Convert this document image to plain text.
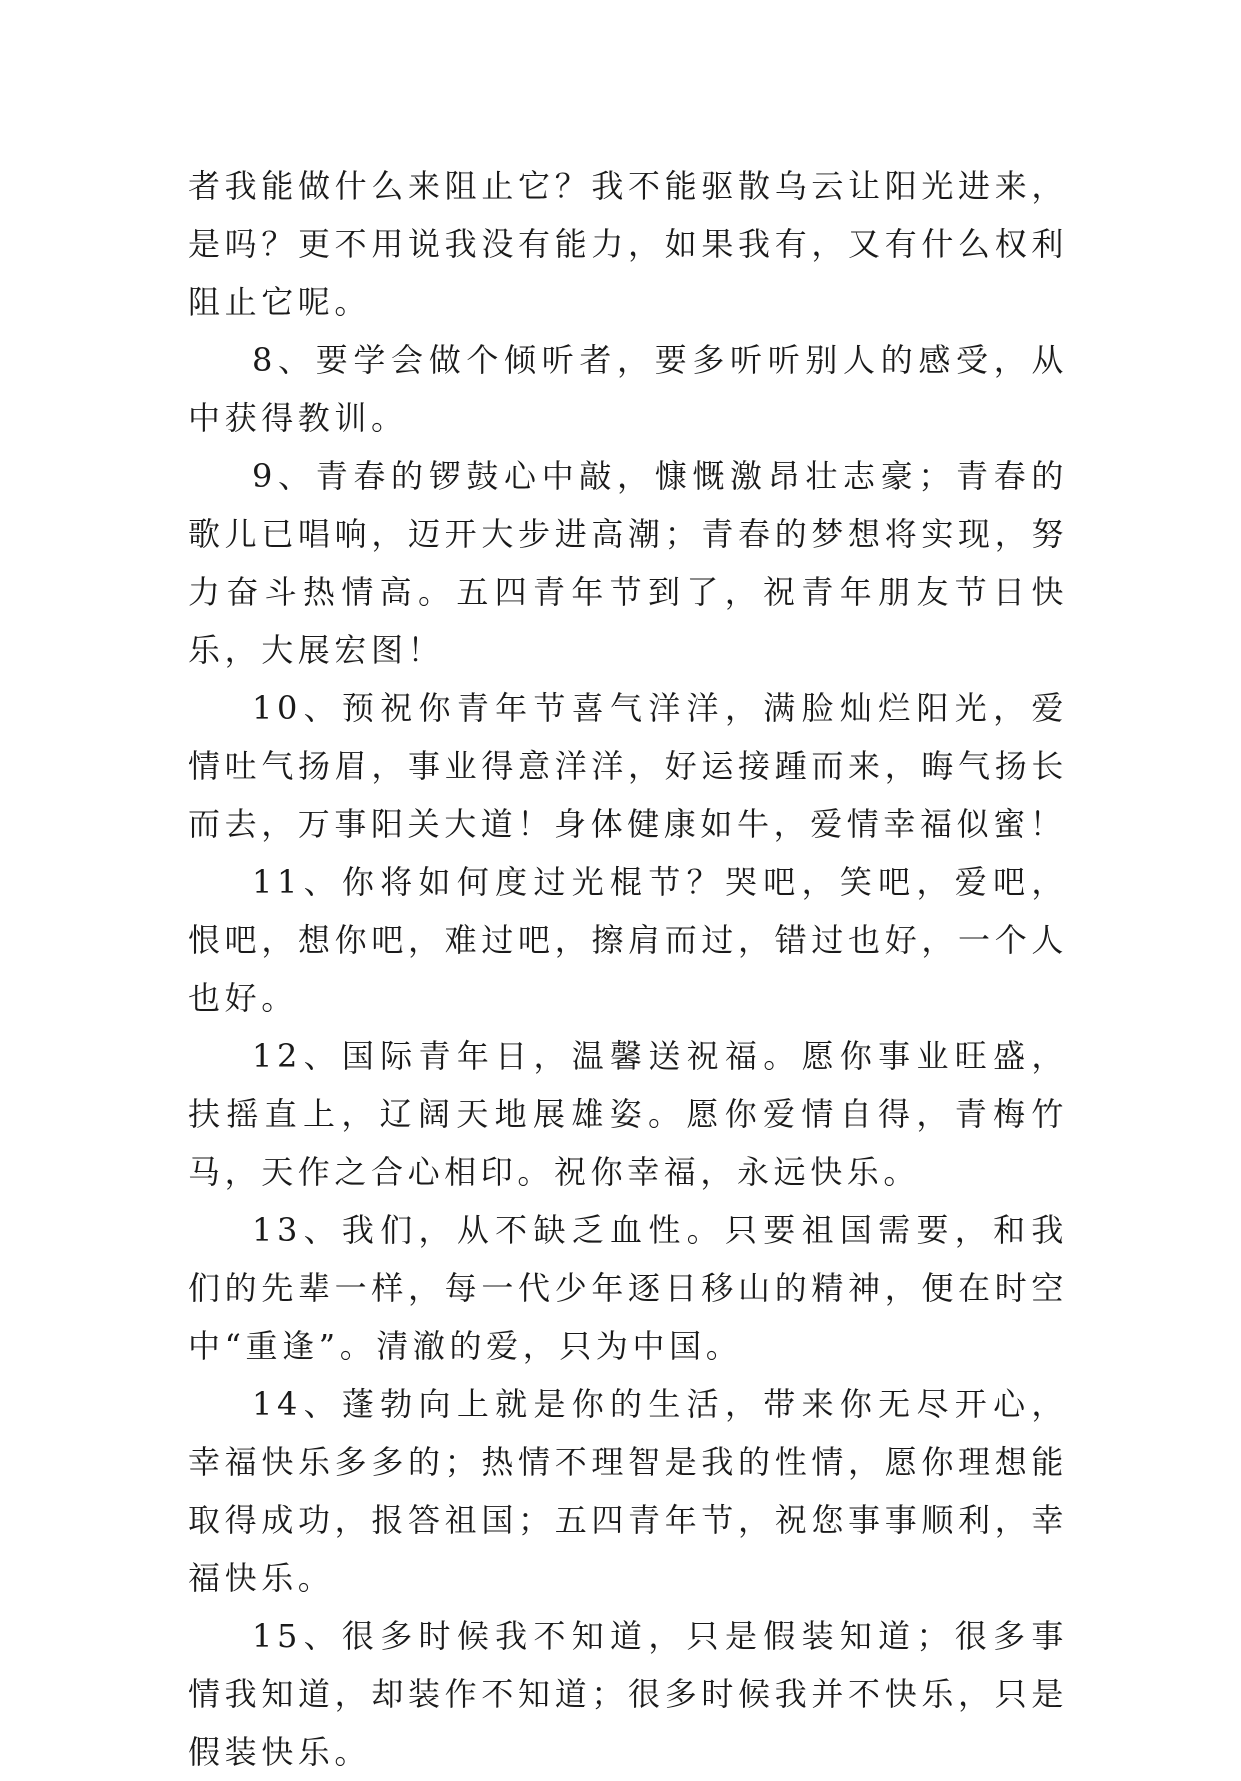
者我能做什么来阻止它？我不能驱散乌云让阳光进来，是吗？更不用说我没有能力，如果我有，又有什么权利阻止它呢。

8、要学会做个倾听者，要多听听别人的感受，从中获得教训。

9、青春的锣鼓心中敲，慷慨激昂壮志豪；青春的歌儿已唱响，迈开大步进高潮；青春的梦想将实现，努力奋斗热情高。五四青年节到了，祝青年朋友节日快乐，大展宏图！

10、预祝你青年节喜气洋洋，满脸灿烂阳光，爱情吐气扬眉，事业得意洋洋，好运接踵而来，晦气扬长而去，万事阳关大道！身体健康如牛，爱情幸福似蜜！

11、你将如何度过光棍节？哭吧，笑吧，爱吧，恨吧，想你吧，难过吧，擦肩而过，错过也好，一个人也好。

12、国际青年日，温馨送祝福。愿你事业旺盛，扶摇直上，辽阔天地展雄姿。愿你爱情自得，青梅竹马，天作之合心相印。祝你幸福，永远快乐。

13、我们，从不缺乏血性。只要祖国需要，和我们的先辈一样，每一代少年逐日移山的精神，便在时空中“重逢”。清澈的爱，只为中国。

14、蓬勃向上就是你的生活，带来你无尽开心，幸福快乐多多的；热情不理智是我的性情，愿你理想能取得成功，报答祖国；五四青年节，祝您事事顺利，幸福快乐。

15、很多时候我不知道，只是假装知道；很多事情我知道，却装作不知道；很多时候我并不快乐，只是假装快乐。
